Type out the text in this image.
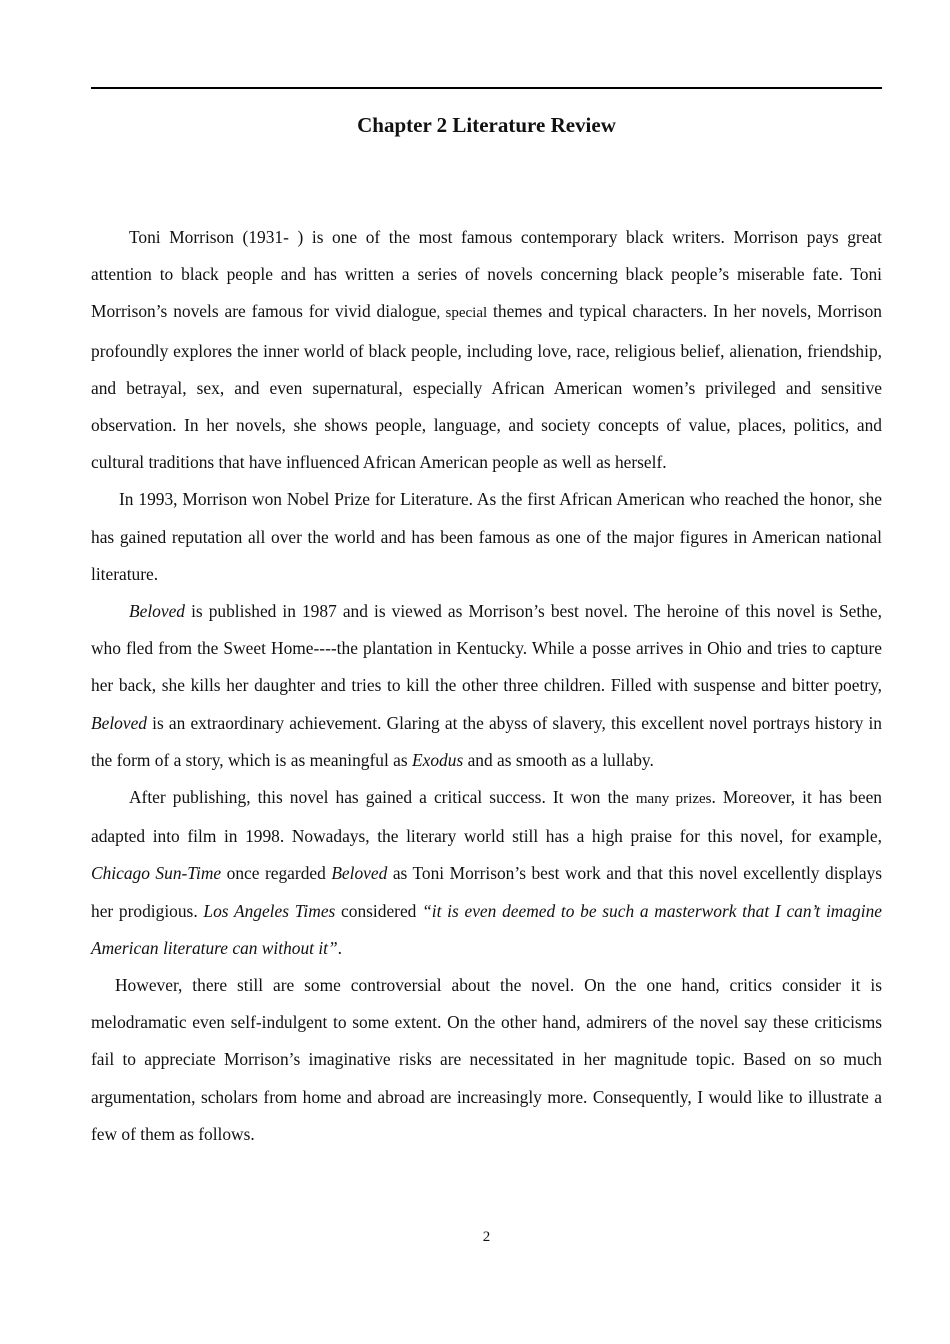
Chapter 2 Literature Review

Toni Morrison (1931- ) is one of the most famous contemporary black writers. Morrison pays great attention to black people and has written a series of novels concerning black people’s miserable fate. Toni Morrison’s novels are famous for vivid dialogue, special themes and typical characters. In her novels, Morrison profoundly explores the inner world of black people, including love, race, religious belief, alienation, friendship, and betrayal, sex, and even supernatural, especially African American women’s privileged and sensitive observation. In her novels, she shows people, language, and society concepts of value, places, politics, and cultural traditions that have influenced African American people as well as herself.

In 1993, Morrison won Nobel Prize for Literature. As the first African American who reached the honor, she has gained reputation all over the world and has been famous as one of the major figures in American national literature.

Beloved is published in 1987 and is viewed as Morrison’s best novel. The heroine of this novel is Sethe, who fled from the Sweet Home----the plantation in Kentucky. While a posse arrives in Ohio and tries to capture her back, she kills her daughter and tries to kill the other three children. Filled with suspense and bitter poetry, Beloved is an extraordinary achievement. Glaring at the abyss of slavery, this excellent novel portrays history in the form of a story, which is as meaningful as Exodus and as smooth as a lullaby.

After publishing, this novel has gained a critical success. It won the many prizes. Moreover, it has been adapted into film in 1998. Nowadays, the literary world still has a high praise for this novel, for example, Chicago Sun-Time once regarded Beloved as Toni Morrison’s best work and that this novel excellently displays her prodigious. Los Angeles Times considered “it is even deemed to be such a masterwork that I can’t imagine American literature can without it”.

However, there still are some controversial about the novel. On the one hand, critics consider it is melodramatic even self-indulgent to some extent. On the other hand, admirers of the novel say these criticisms fail to appreciate Morrison’s imaginative risks are necessitated in her magnitude topic. Based on so much argumentation, scholars from home and abroad are increasingly more. Consequently, I would like to illustrate a few of them as follows.

2
